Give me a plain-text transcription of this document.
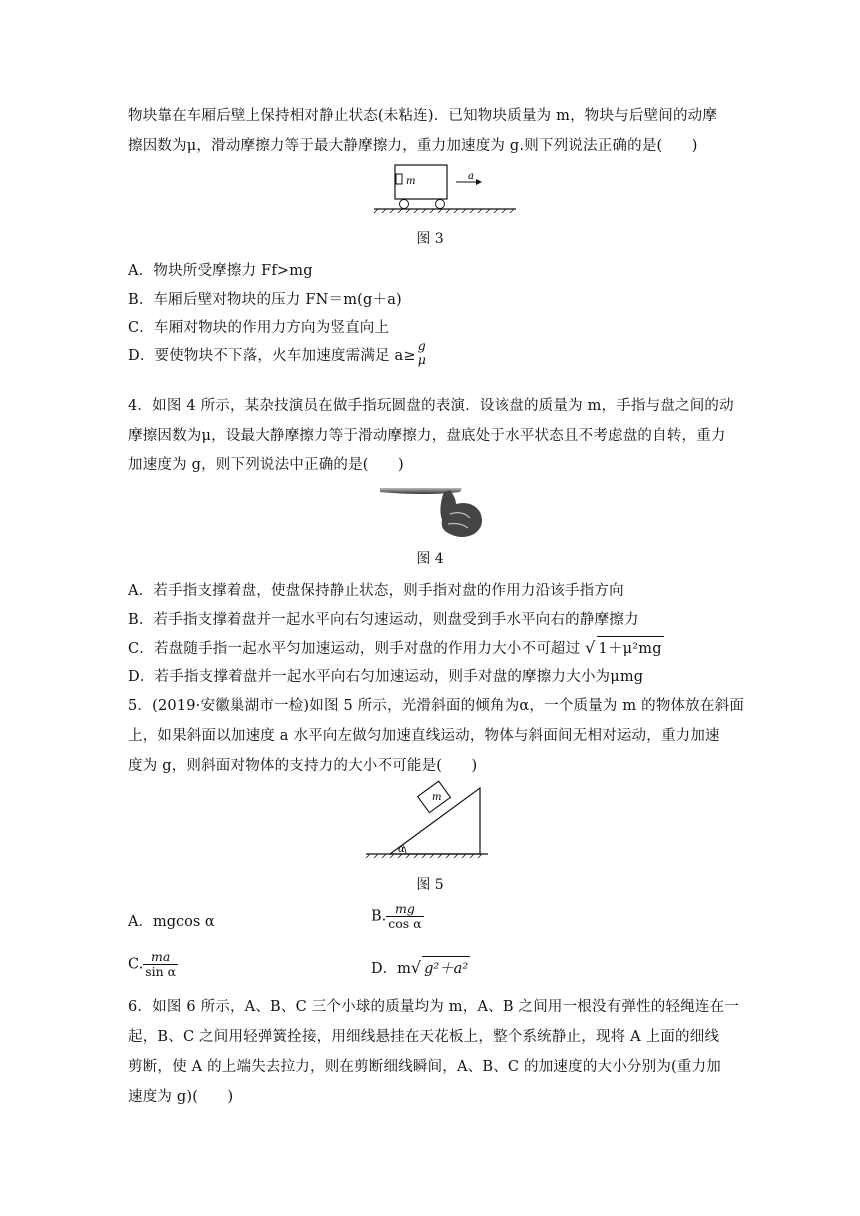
物块靠在车厢后壁上保持相对静止状态(未粘连)．已知物块质量为 m，物块与后壁间的动摩
擦因数为μ，滑动摩擦力等于最大静摩擦力，重力加速度为 g.则下列说法正确的是(　　)
m	a
图 3
A．物块所受摩擦力 Ff>mg
B．车厢后壁对物块的压力 FN＝m(g＋a)
C．车厢对物块的作用力方向为竖直向上
D．要使物块不下落，火车加速度需满足 a≥
g
μ
4．如图 4 所示，某杂技演员在做手指玩圆盘的表演．设该盘的质量为 m，手指与盘之间的动
摩擦因数为μ，设最大静摩擦力等于滑动摩擦力，盘底处于水平状态且不考虑盘的自转，重力
加速度为 g，则下列说法中正确的是(　　)
图 4
A．若手指支撑着盘，使盘保持静止状态，则手指对盘的作用力沿该手指方向
B．若手指支撑着盘并一起水平向右匀速运动，则盘受到手水平向右的静摩擦力
C．若盘随手指一起水平匀加速运动，则手对盘的作用力大小不可超过 √ 1＋μ²mg
D．若手指支撑着盘并一起水平向右匀加速运动，则手对盘的摩擦力大小为μmg
5．(2019·安徽巢湖市一检)如图 5 所示，光滑斜面的倾角为α，一个质量为 m 的物体放在斜面
上，如果斜面以加速度 a 水平向左做匀加速直线运动，物体与斜面间无相对运动，重力加速
度为 g，则斜面对物体的支持力的大小不可能是(　　)
m
α
图 5
A．mgcos α	B. $\frac{mg}{\text{cos α}}$
C. $\frac{ma}{\text{sin α}}$	D．m√ g²＋a²
6．如图 6 所示，A、B、C 三个小球的质量均为 m，A、B 之间用一根没有弹性的轻绳连在一
起，B、C 之间用轻弹簧拴接，用细线悬挂在天花板上，整个系统静止，现将 A 上面的细线
剪断，使 A 的上端失去拉力，则在剪断细线瞬间，A、B、C 的加速度的大小分别为(重力加
速度为 g)(　　)
